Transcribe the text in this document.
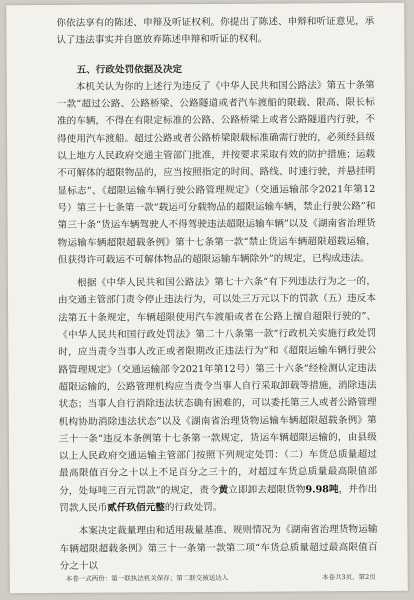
你依法享有的陈述、申辩及听证权利。你提出了陈述、申辩和听证意见，承认了违法事实并自愿放弃陈述申辩和听证的权利。

五、行政处罚依据及决定

本机关认为你的上述行为违反了《中华人民共和国公路法》第五十条第一款“超过公路、公路桥梁、公路隧道或者汽车渡船的限载、限高、限长标准的车辆，不得在有限定标准的公路、公路桥梁上或者公路隧道内行驶，不得使用汽车渡船。超过公路或者公路桥梁限载标准确需行驶的，必须经县级以上地方人民政府交通主管部门批准，并按要求采取有效的防护措施；运载不可解体的超限物品的，应当按照指定的时间、路线、时速行驶，并悬挂明显标志”、《超限运输车辆行驶公路管理规定》（交通运输部令2021年第12号）第三十七条第一款“载运可分载物品的超限运输车辆，禁止行驶公路”和第三十条“货运车辆驾驶人不得驾驶违法超限运输车辆”以及《湖南省治理货物运输车辆超限超载条例》第十七条第一款“禁止货运车辆超限超载运输，但获得许可载运不可解体物品的超限运输车辆除外”的规定，已构成违法。

根据《中华人民共和国公路法》第七十六条“有下列违法行为之一的，由交通主管部门责令停止违法行为，可以处三万元以下的罚款（五）违反本法第五十条规定，车辆超限使用汽车渡船或者在公路上擅自超限行驶的”、《中华人民共和国行政处罚法》第二十八条第一款“行政机关实施行政处罚时，应当责令当事人改正或者限期改正违法行为”和《超限运输车辆行驶公路管理规定》（交通运输部令2021年第12号）第三十六条“经检测认定违法超限运输的，公路管理机构应当责令当事人自行采取卸载等措施，消除违法状态；当事人自行消除违法状态确有困难的，可以委托第三人或者公路管理机构协助消除违法状态”以及《湖南省治理货物运输车辆超限超载条例》第三十一条“违反本条例第十七条第一款规定，货运车辆超限运输的，由县级以上人民政府交通运输主管部门按照下列规定处罚：（二）车货总质量超过最高限值百分之十以上不足百分之三十的，对超过车货总质量最高限值部分，处每吨三百元罚款”的规定，责令黄立即卸去超限货物9.98吨，并作出罚款人民币贰仟玖佰元整的行政处罚。

本案决定裁量理由和适用裁量基准、规则情况为《湖南省治理货物运输车辆超限超载条例》第三十一条第一款第二项“车货总质量超过最高限值百分之十以

本卷一式两份：第一联执法机关保存；第二联交被送达人	本卷共3页，第2页
